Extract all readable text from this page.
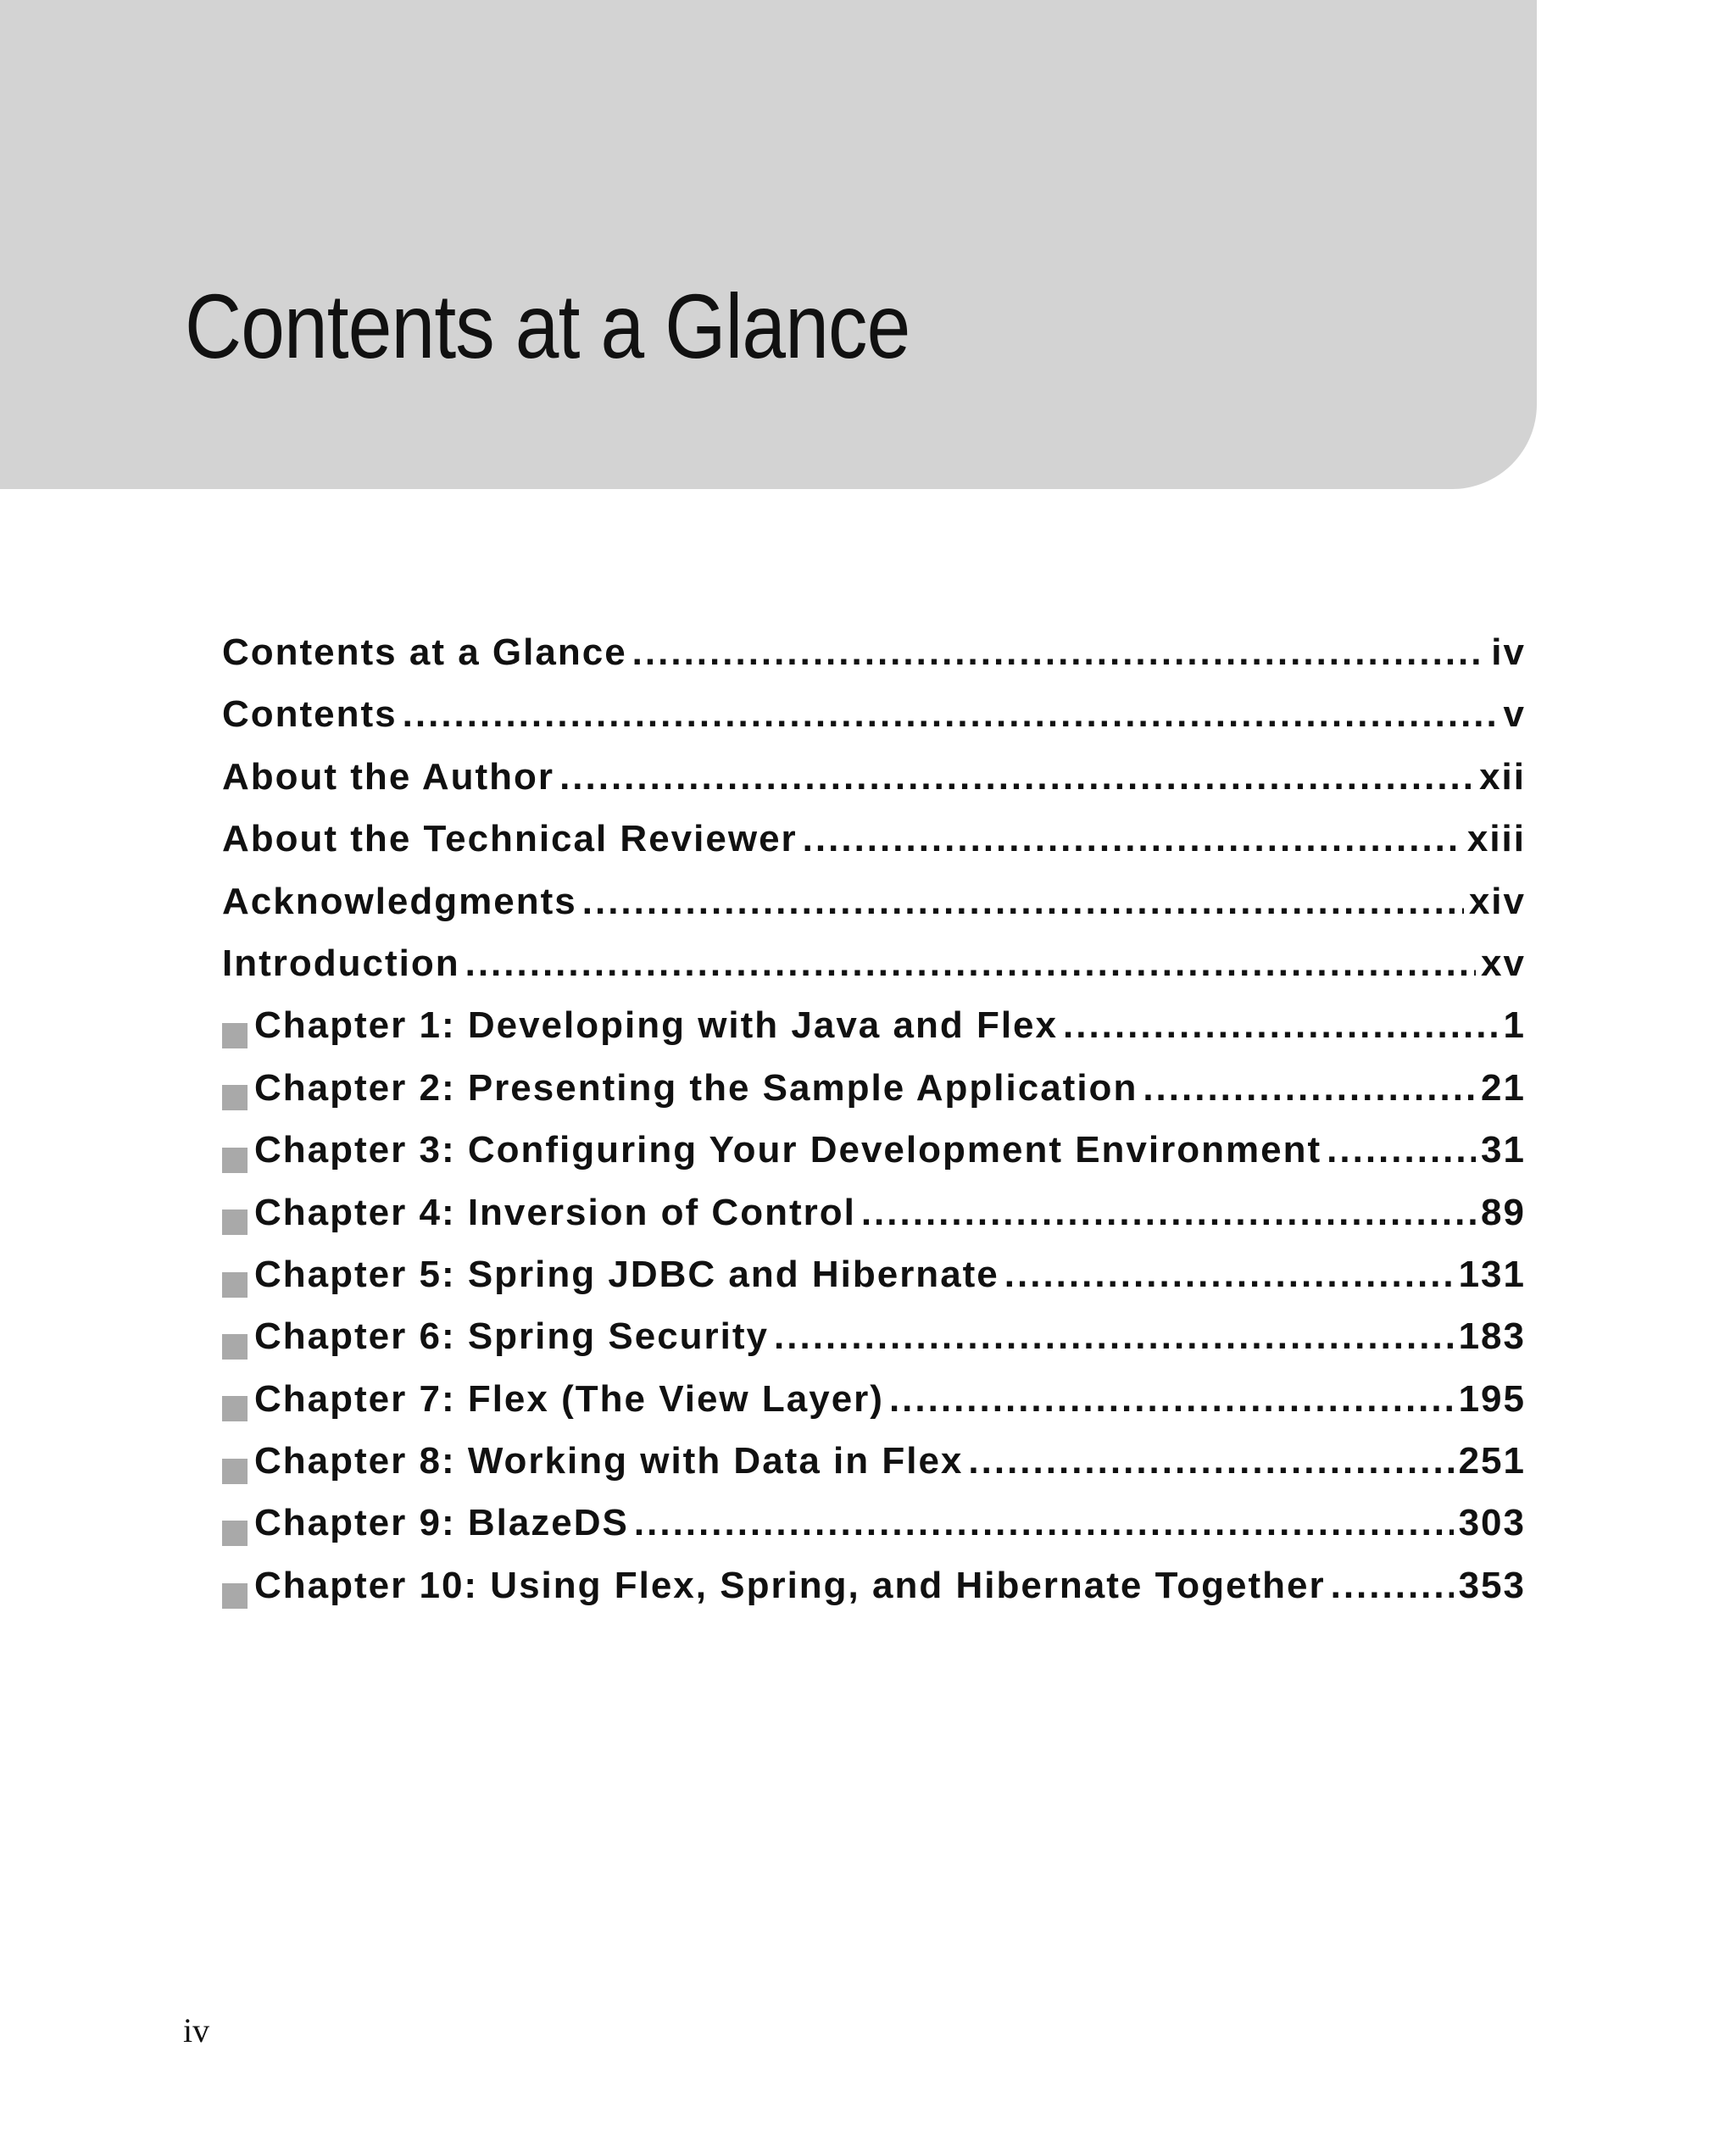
Contents at a Glance
Contents at a Glance .....	iv
Contents .....	v
About the Author .....	xii
About the Technical Reviewer .....	xiii
Acknowledgments .....	xiv
Introduction .....	xv
Chapter 1: Developing with Java and Flex .....	1
Chapter 2: Presenting the Sample Application .....	21
Chapter 3: Configuring Your Development Environment .....	31
Chapter 4: Inversion of Control .....	89
Chapter 5: Spring JDBC and Hibernate .....	131
Chapter 6: Spring Security .....	183
Chapter 7: Flex (The View Layer) .....	195
Chapter 8: Working with Data in Flex .....	251
Chapter 9: BlazeDS .....	303
Chapter 10: Using Flex, Spring, and Hibernate Together .....	353
iv
